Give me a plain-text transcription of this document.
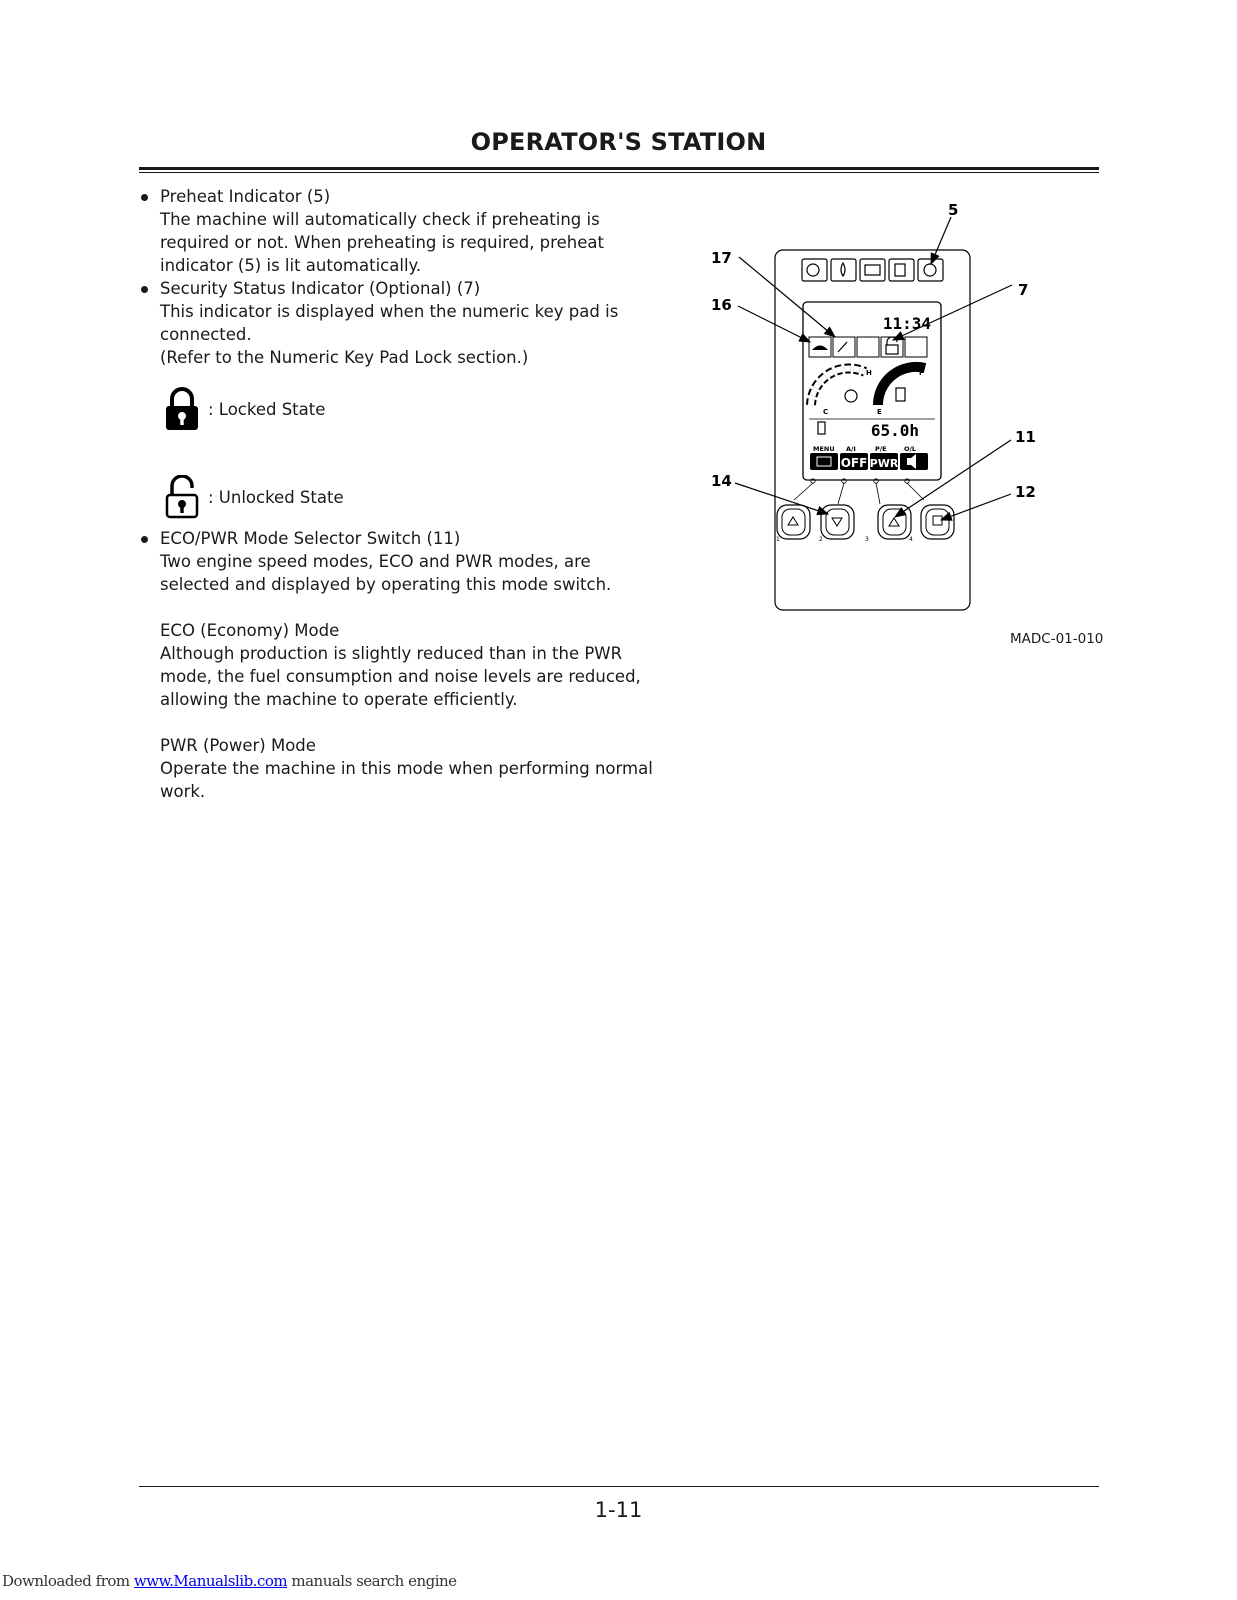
OPERATOR'S STATION
Preheat Indicator (5)
The machine will automatically check if preheating is
required or not. When preheating is required, preheat
indicator (5) is lit automatically.
Security Status Indicator (Optional) (7)
This indicator is displayed when the numeric key pad is
connected.
(Refer to the Numeric Key Pad Lock section.)
: Locked State
: Unlocked State
ECO/PWR Mode Selector Switch (11)
Two engine speed modes, ECO and PWR modes, are
selected and displayed by operating this mode switch.
ECO (Economy) Mode
Although production is slightly reduced than in the PWR
mode, the fuel consumption and noise levels are reduced,
allowing the machine to operate efficiently.
PWR (Power) Mode
Operate the machine in this mode when performing normal
work.
11:34
H
C
F
E
65.0h
MENU A/I	P/E	O/L
OFF PWR
1	2	3	4
5
7
17
16
11
12
14
MADC-01-010
1-11
Downloaded from www.Manualslib.com manuals search engine
